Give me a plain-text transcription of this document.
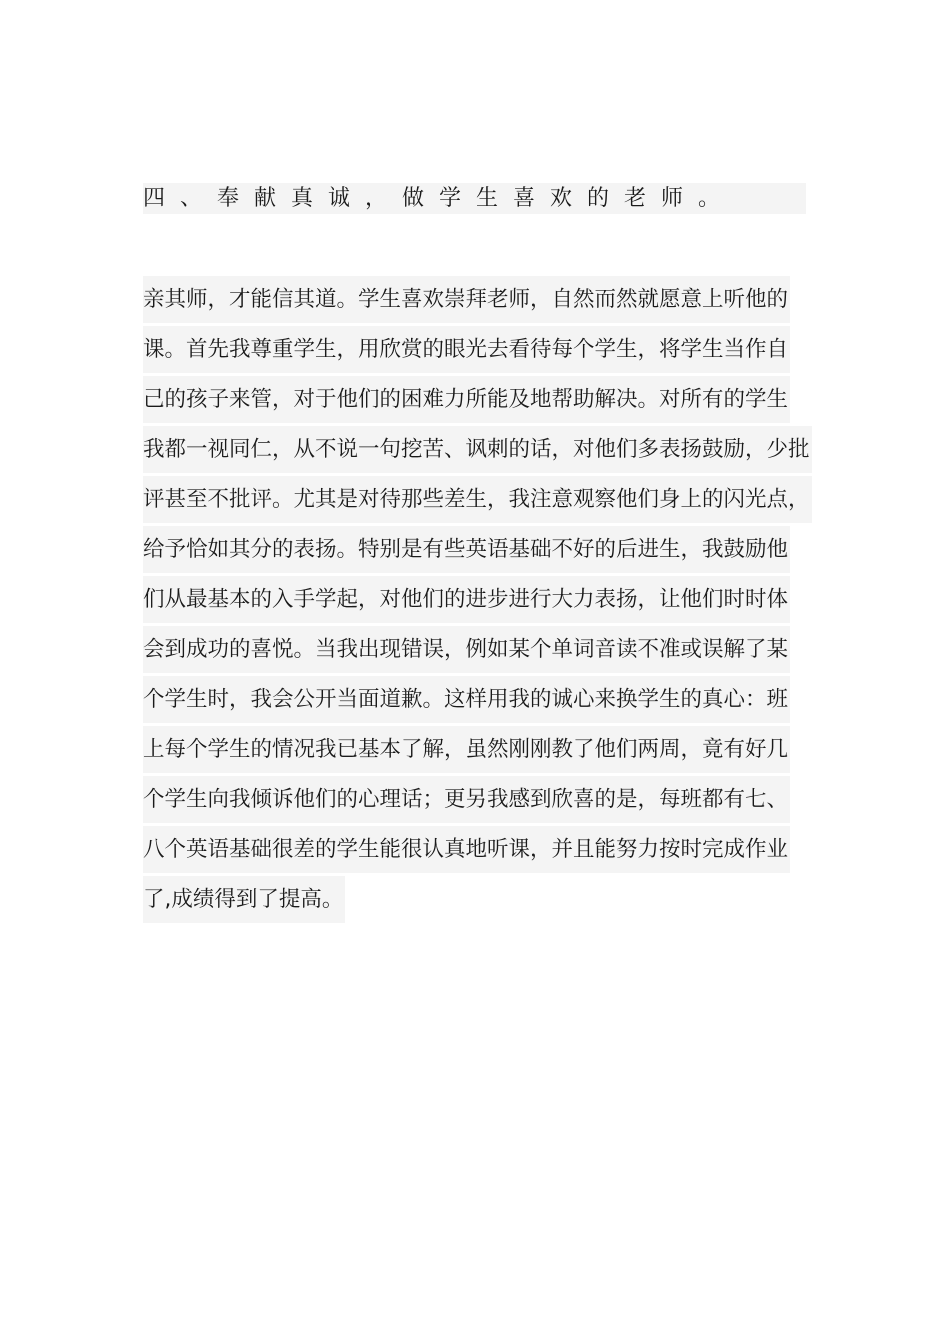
四、奉献真诚，做学生喜欢的老师。
亲其师，才能信其道。学生喜欢崇拜老师，自然而然就愿意上听他的
课。首先我尊重学生，用欣赏的眼光去看待每个学生，将学生当作自
己的孩子来管，对于他们的困难力所能及地帮助解决。对所有的学生
我都一视同仁，从不说一句挖苦、讽刺的话，对他们多表扬鼓励，少批
评甚至不批评。尤其是对待那些差生，我注意观察他们身上的闪光点，
给予恰如其分的表扬。特别是有些英语基础不好的后进生，我鼓励他
们从最基本的入手学起，对他们的进步进行大力表扬，让他们时时体
会到成功的喜悦。当我出现错误，例如某个单词音读不准或误解了某
个学生时，我会公开当面道歉。这样用我的诚心来换学生的真心：班
上每个学生的情况我已基本了解，虽然刚刚教了他们两周，竟有好几
个学生向我倾诉他们的心理话；更另我感到欣喜的是，每班都有七、
八个英语基础很差的学生能很认真地听课，并且能努力按时完成作业
了,成绩得到了提高。
